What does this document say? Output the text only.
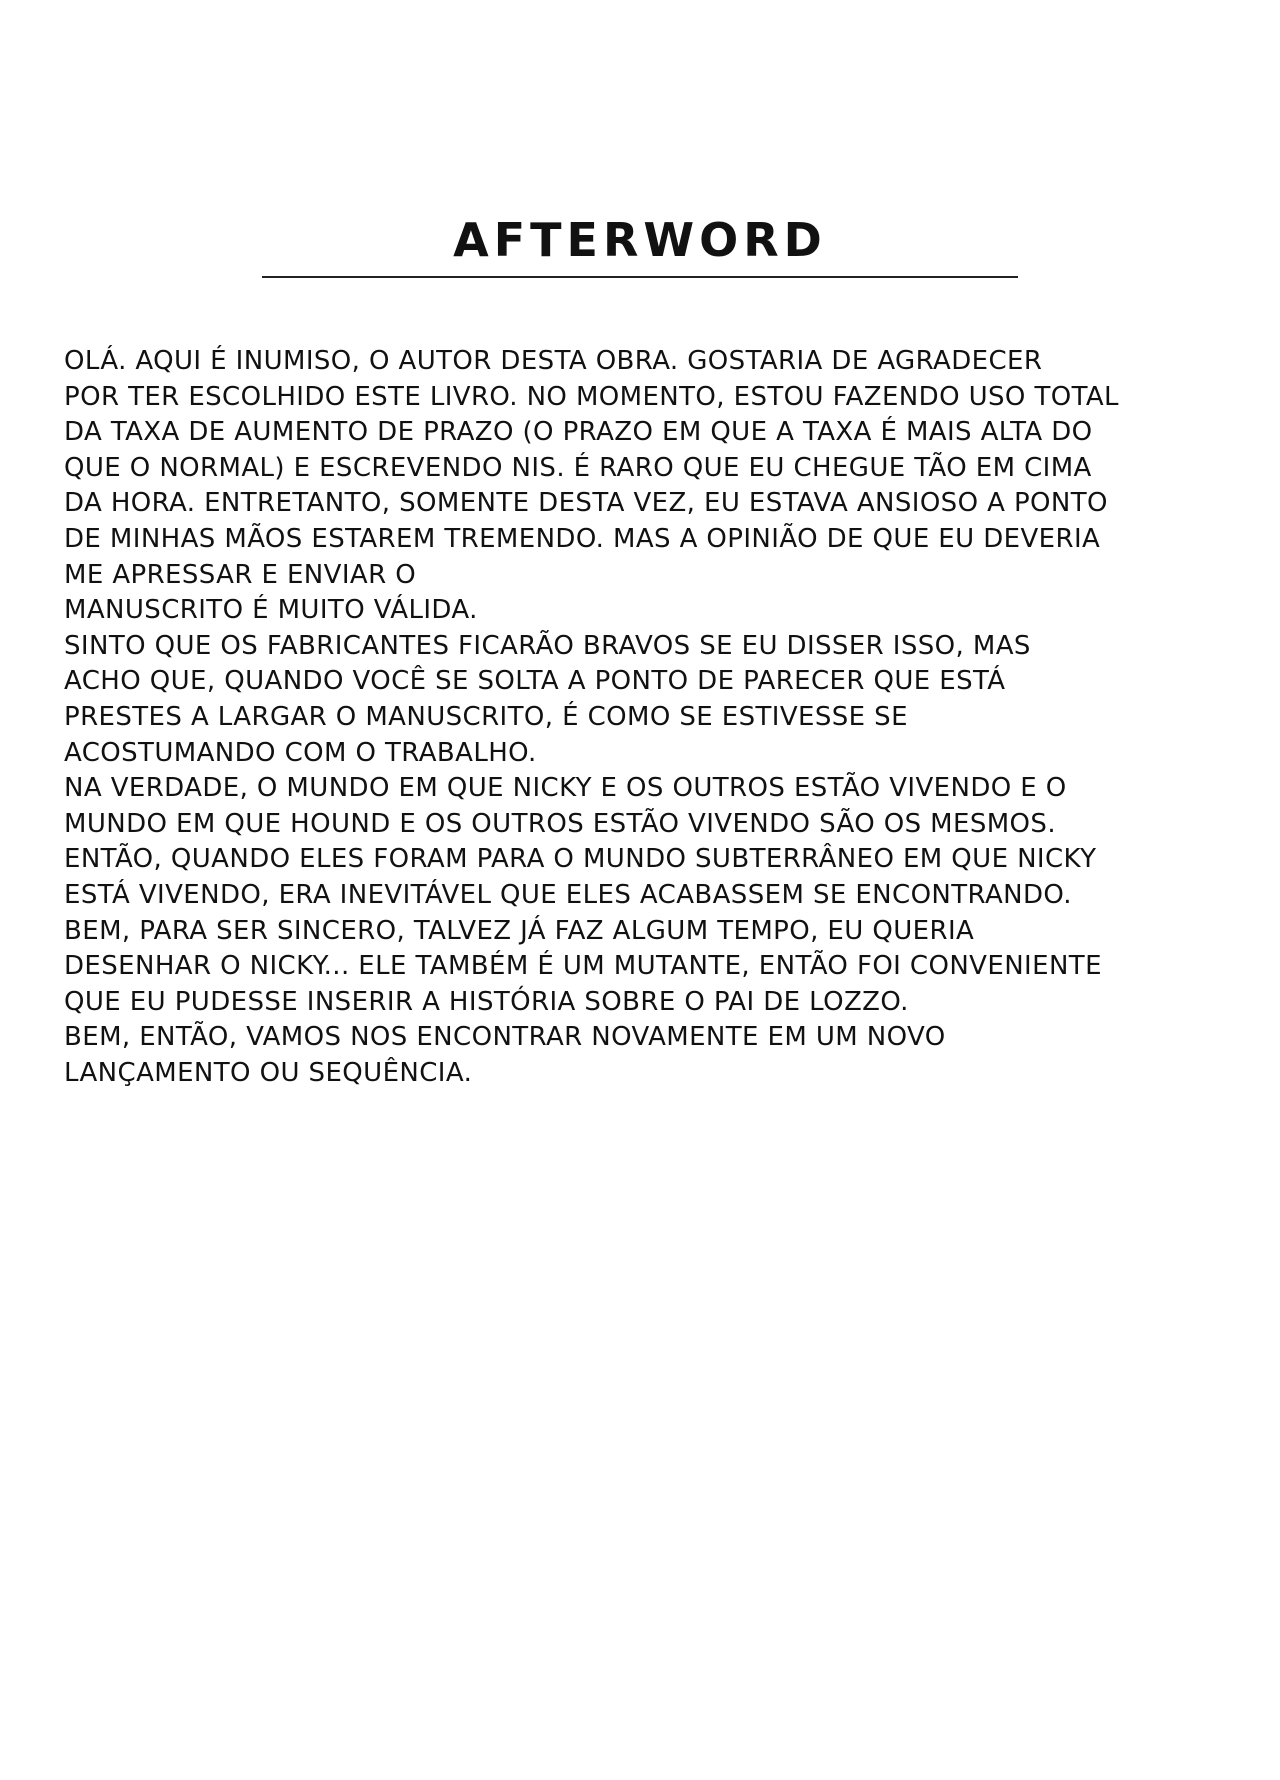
AFTERWORD
OLÁ. AQUI É INUMISO, O AUTOR DESTA OBRA. GOSTARIA DE AGRADECER
POR TER ESCOLHIDO ESTE LIVRO. NO MOMENTO, ESTOU FAZENDO USO TOTAL
DA TAXA DE AUMENTO DE PRAZO (O PRAZO EM QUE A TAXA É MAIS ALTA DO
QUE O NORMAL) E ESCREVENDO NIS. É RARO QUE EU CHEGUE TÃO EM CIMA
DA HORA. ENTRETANTO, SOMENTE DESTA VEZ, EU ESTAVA ANSIOSO A PONTO
DE MINHAS MÃOS ESTAREM TREMENDO. MAS A OPINIÃO DE QUE EU DEVERIA
ME APRESSAR E ENVIAR O
MANUSCRITO É MUITO VÁLIDA.
SINTO QUE OS FABRICANTES FICARÃO BRAVOS SE EU DISSER ISSO, MAS
ACHO QUE, QUANDO VOCÊ SE SOLTA A PONTO DE PARECER QUE ESTÁ
PRESTES A LARGAR O MANUSCRITO, É COMO SE ESTIVESSE SE
ACOSTUMANDO COM O TRABALHO.
NA VERDADE, O MUNDO EM QUE NICKY E OS OUTROS ESTÃO VIVENDO E O
MUNDO EM QUE HOUND E OS OUTROS ESTÃO VIVENDO SÃO OS MESMOS.
ENTÃO, QUANDO ELES FORAM PARA O MUNDO SUBTERRÂNEO EM QUE NICKY
ESTÁ VIVENDO, ERA INEVITÁVEL QUE ELES ACABASSEM SE ENCONTRANDO.
BEM, PARA SER SINCERO, TALVEZ JÁ FAZ ALGUM TEMPO, EU QUERIA
DESENHAR O NICKY... ELE TAMBÉM É UM MUTANTE, ENTÃO FOI CONVENIENTE
QUE EU PUDESSE INSERIR A HISTÓRIA SOBRE O PAI DE LOZZO.
BEM, ENTÃO, VAMOS NOS ENCONTRAR NOVAMENTE EM UM NOVO
LANÇAMENTO OU SEQUÊNCIA.
